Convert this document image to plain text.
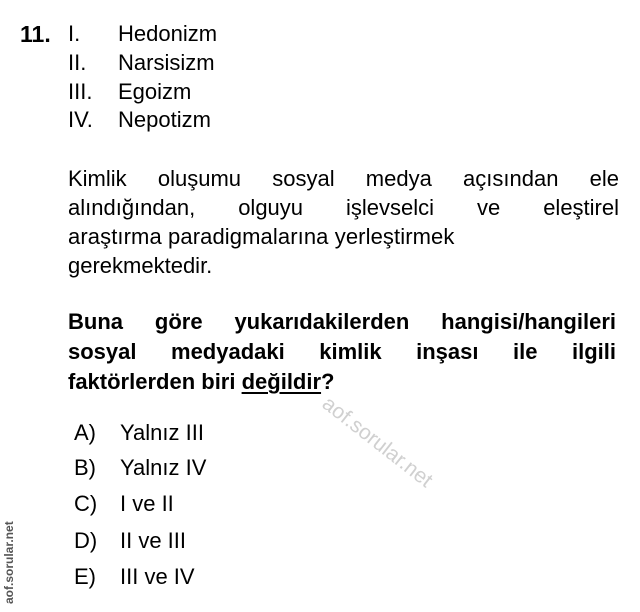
11. I. Hedonizm
II. Narsisizm
III. Egoizm
IV. Nepotizm
Kimlik oluşumu sosyal medya açısından ele
alındığından, olguyu işlevselci ve eleştirel
araştırma paradigmalarına yerleştirmek
gerekmektedir.
Buna göre yukarıdakilerden hangisi/hangileri
sosyal medyadaki kimlik inşası ile ilgili
faktörlerden biri değildir?
A) Yalnız III
B) Yalnız IV
C) I ve II
D) II ve III
E) III ve IV
aof.sorular.net
aof.sorular.net
